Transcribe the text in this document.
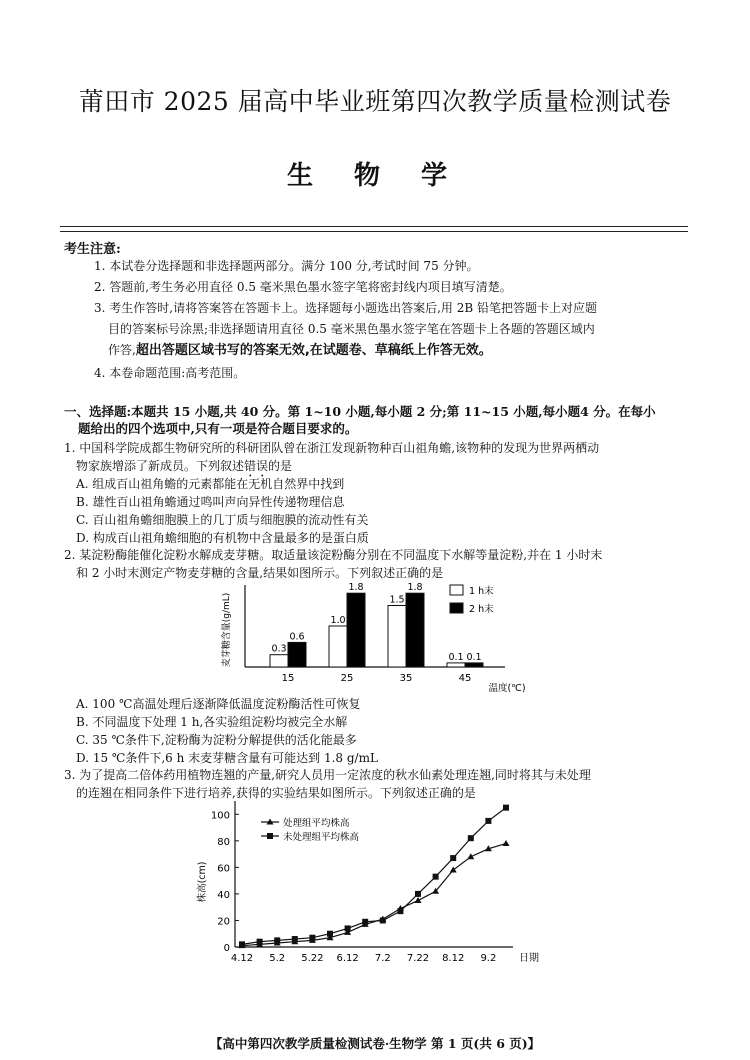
莆田市 2025 届高中毕业班第四次教学质量检测试卷
生 物 学
考生注意:
1. 本试卷分选择题和非选择题两部分。满分 100 分,考试时间 75 分钟。
2. 答题前,考生务必用直径 0.5 毫米黑色墨水签字笔将密封线内项目填写清楚。
3. 考生作答时,请将答案答在答题卡上。选择题每小题选出答案后,用 2B 铅笔把答题卡上对应题
目的答案标号涂黑;非选择题请用直径 0.5 毫米黑色墨水签字笔在答题卡上各题的答题区域内
作答,超出答题区域书写的答案无效,在试题卷、草稿纸上作答无效。
4. 本卷命题范围:高考范围。
一、选择题:本题共 15 小题,共 40 分。第 1~10 小题,每小题 2 分;第 11~15 小题,每小题4 分。在每小
题给出的四个选项中,只有一项是符合题目要求的。
1. 中国科学院成都生物研究所的科研团队曾在浙江发现新物种百山祖角蟾,该物种的发现为世界两栖动
物家族增添了新成员。下列叙述错误的是
A. 组成百山祖角蟾的元素都能在无机自然界中找到
B. 雄性百山祖角蟾通过鸣叫声向异性传递物理信息
C. 百山祖角蟾细胞膜上的几丁质与细胞膜的流动性有关
D. 构成百山祖角蟾细胞的有机物中含量最多的是蛋白质
2. 某淀粉酶能催化淀粉水解成麦芽糖。取适量该淀粉酶分别在不同温度下水解等量淀粉,并在 1 小时末
和 2 小时末测定产物麦芽糖的含量,结果如图所示。下列叙述正确的是
麦芽糖含量(g/mL)
15
0.3
0.6
25
1.0
1.8
35
1.5
1.8
45
0.1 0.1
温度(℃)
1 h末
2 h末
A. 100 ℃高温处理后逐渐降低温度淀粉酶活性可恢复
B. 不同温度下处理 1 h,各实验组淀粉均被完全水解
C. 35 ℃条件下,淀粉酶为淀粉分解提供的活化能最多
D. 15 ℃条件下,6 h 末麦芽糖含量有可能达到 1.8 g/mL
3. 为了提高二倍体药用植物连翘的产量,研究人员用一定浓度的秋水仙素处理连翘,同时将其与未处理
的连翘在相同条件下进行培养,获得的实验结果如图所示。下列叙述正确的是
0
20
40
60
80
100
株高(cm)
4.12 5.2 5.22 6.12 7.2 7.22 8.12 9.2 日期
处理组平均株高
未处理组平均株高
【高中第四次教学质量检测试卷·生物学 第 1 页(共 6 页)】
